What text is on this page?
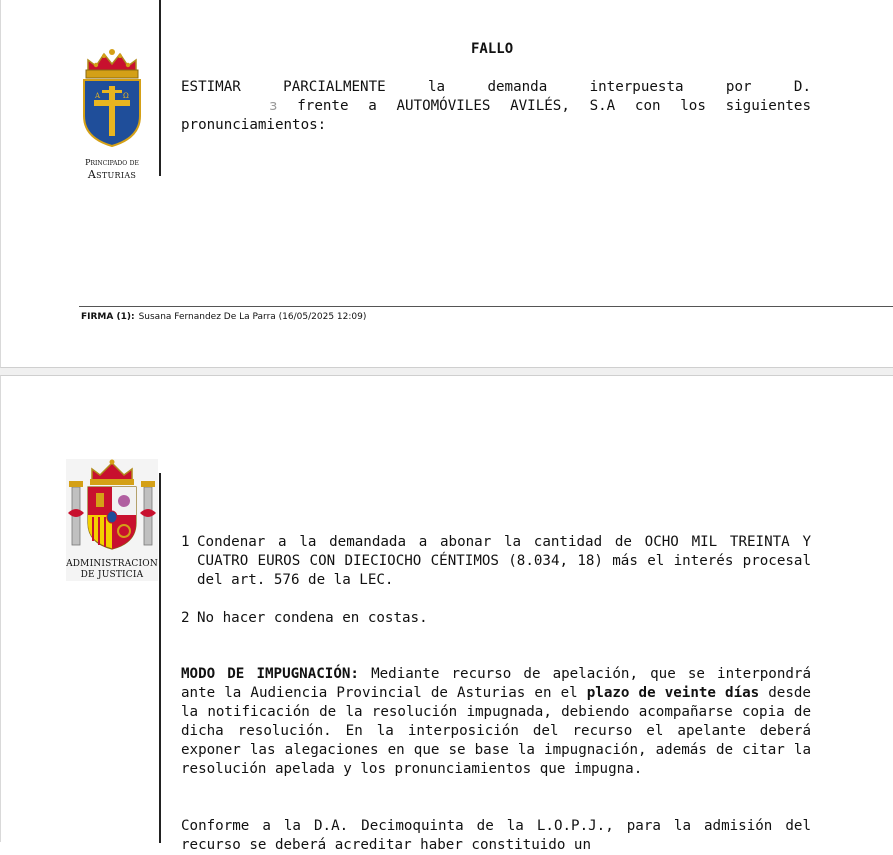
A	Ω
Principado de
Asturias
FALLO
ESTIMAR PARCIALMENTE la demanda interpuesta por D.
ɜ frente a AUTOMÓVILES AVILÉS, S.A con los siguientes
pronunciamientos:
FIRMA (1): Susana Fernandez De La Parra (16/05/2025 12:09)
ADMINISTRACION
DE JUSTICIA
1 Condenar a la demandada a abonar la cantidad de OCHO MIL TREINTA Y CUATRO EUROS CON DIECIOCHO CÉNTIMOS (8.034, 18) más el interés procesal del art. 576 de la LEC.
2 No hacer condena en costas.
MODO DE IMPUGNACIÓN: Mediante recurso de apelación, que se interpondrá ante la Audiencia Provincial de Asturias en el plazo de veinte días desde la notificación de la resolución impugnada, debiendo acompañarse copia de dicha resolución. En la interposición del recurso el apelante deberá exponer las alegaciones en que se base la impugnación, además de citar la resolución apelada y los pronunciamientos que impugna.
Conforme a la D.A. Decimoquinta de la L.O.P.J., para la admisión del recurso se deberá acreditar haber constituido un
